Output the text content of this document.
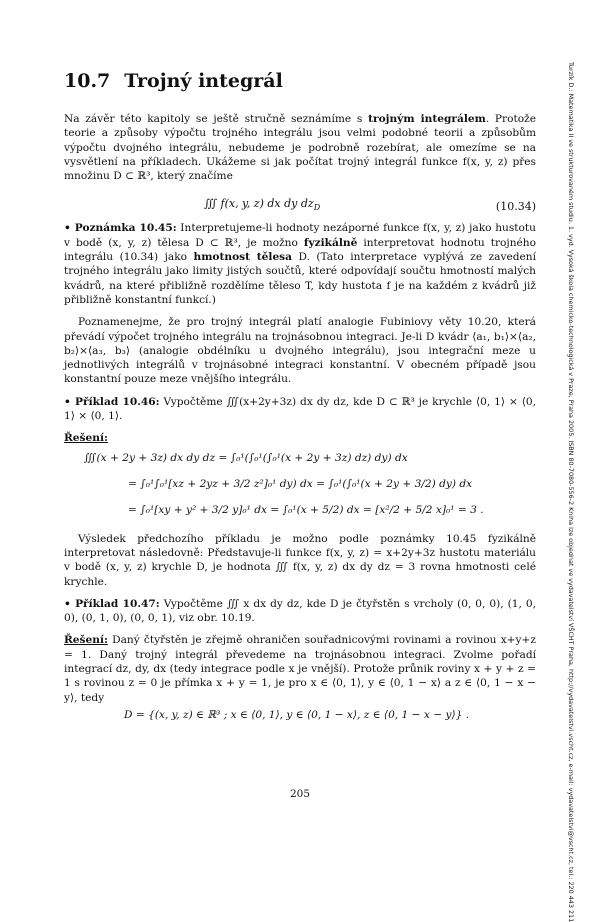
10.7 Trojný integrál

Na závěr této kapitoly se ještě stručně seznámíme s trojným integrálem. Protože teorie a způsoby výpočtu trojného integrálu jsou velmi podobné teorii a způsobům výpočtu dvojného integrálu, nebudeme je podrobně rozebírat, ale omezíme se na vysvětlení na příkladech. Ukážeme si jak počítat trojný integrál funkce f(x, y, z) přes množinu D ⊂ ℝ³, který značíme

∭ f(x, y, z) dx dy $dz_D$	(10.34)

• Poznámka 10.45: Interpretujeme-li hodnoty nezáporné funkce f(x, y, z) jako hustotu v bodě (x, y, z) tělesa D ⊂ ℝ³, je možno fyzikálně interpretovat hodnotu trojného integrálu (10.34) jako hmotnost tělesa D. (Tato interpretace vyplývá ze zavedení trojného integrálu jako limity jistých součtů, které odpovídají součtu hmotností malých kvádrů, na které přibližně rozdělíme těleso T, kdy hustota f je na každém z kvádrů již přibližně konstantní funkcí.)

Poznamenejme, že pro trojný integrál platí analogie Fubiniovy věty 10.20, která převádí výpočet trojného integrálu na trojnásobnou integraci. Je-li D kvádr ⟨a₁, b₁⟩×⟨a₂, b₂⟩×⟨a₃, b₃⟩ (analogie obdélníku u dvojného integrálu), jsou integrační meze u jednotlivých integrálů v trojnásobné integraci konstantní. V obecném případě jsou konstantní pouze meze vnějšího integrálu.

• Příklad 10.46: Vypočtěme ∭(x+2y+3z) dx dy dz, kde D ⊂ ℝ³ je krychle ⟨0, 1⟩ × ⟨0, 1⟩ × ⟨0, 1⟩.

Řešení:

∭(x + 2y + 3z) dx dy dz = ∫₀¹(∫₀¹(∫₀¹(x + 2y + 3z) dz) dy) dx
= ∫₀¹∫₀¹[xz + 2yz + 3/2 z²]₀¹ dy) dx = ∫₀¹(∫₀¹(x + 2y + 3/2) dy) dx
= ∫₀¹[xy + y² + 3/2 y]₀¹ dx = ∫₀¹(x + 5/2) dx = [x²/2 + 5/2 x]₀¹ = 3 .

Výsledek předchozího příkladu je možno podle poznámky 10.45 fyzikálně interpretovat následovně: Představuje-li funkce f(x, y, z) = x+2y+3z hustotu materiálu v bodě (x, y, z) krychle D, je hodnota ∭ f(x, y, z) dx dy dz = 3 rovna hmotnosti celé krychle.

• Příklad 10.47: Vypočtěme ∭ x dx dy dz, kde D je čtyřstěn s vrcholy (0, 0, 0), (1, 0, 0), (0, 1, 0), (0, 0, 1), viz obr. 10.19.

Řešení: Daný čtyřstěn je zřejmě ohraničen souřadnicovými rovinami a rovinou x+y+z = 1. Daný trojný integrál převedeme na trojnásobnou integraci. Zvolme pořadí integrací dz, dy, dx (tedy integrace podle x je vnější). Protože průnik roviny x + y + z = 1 s rovinou z = 0 je přímka x + y = 1, je pro x ∈ ⟨0, 1⟩, y ∈ ⟨0, 1 − x⟩ a z ∈ ⟨0, 1 − x − y⟩, tedy

D = {(x, y, z) ∈ ℝ³ ; x ∈ ⟨0, 1⟩, y ∈ ⟨0, 1 − x⟩, z ∈ ⟨0, 1 − x − y⟩} .
205	Turzík D.: Matematika II ve strukturovaném studiu. 1. vyd. Vysoká škola chemicko-technologická v Praze, Praha 2005. ISBN 80-7080-556-2 Kniha lze objednat ve vydavatelství VŠCHT Praha, http://vydavatelstvi.vscht.cz, e-mail: vydavatelstvi@vscht.cz, tel.: 220 443 211
